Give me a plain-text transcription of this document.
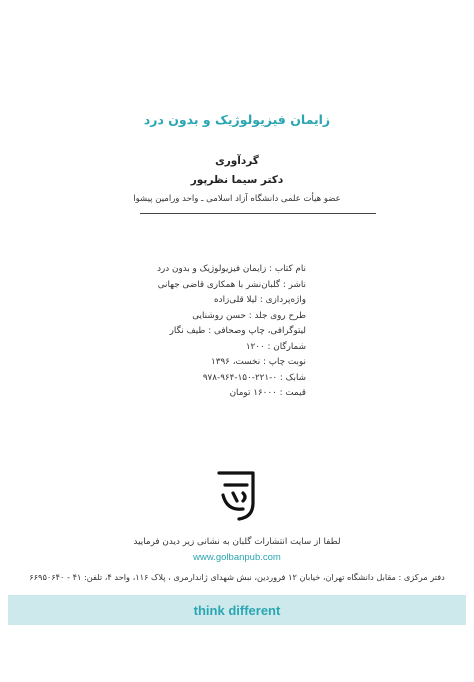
زایمان فیزیولوژیک و بدون درد
گردآوری
دکتر سیما نظرپور
عضو هیأت علمی دانشگاه آزاد اسلامی ـ واحد ورامین پیشوا
نام کتاب : زایمان فیزیولوژیک و بدون درد
ناشر : گلبان‌نشر با همکاری قاضی جهانی
واژه‌پردازی : لیلا قلی‌زاده
طرح روی جلد : حسن روشنایی
لیتوگرافی، چاپ وصحافی : طیف نگار
شمارگان : ۱۲۰۰
نوبت چاپ : نخست، ۱۳۹۶
شابک : ۰-۲۲۱-۱۵۰-۹۶۴-۹۷۸
قیمت : ۱۶۰۰۰ تومان
لطفا از سایت انتشارات گلبان به نشانی زیر دیدن فرمایید
www.golbanpub.com
دفتر مرکزی : مقابل دانشگاه تهران، خیابان ۱۲ فروردین، نبش شهدای ژاندارمری ، پلاک ۱۱۶، واحد ۴، تلفن: ۴۱ - ۶۶۹۵۰۶۴۰
think different
